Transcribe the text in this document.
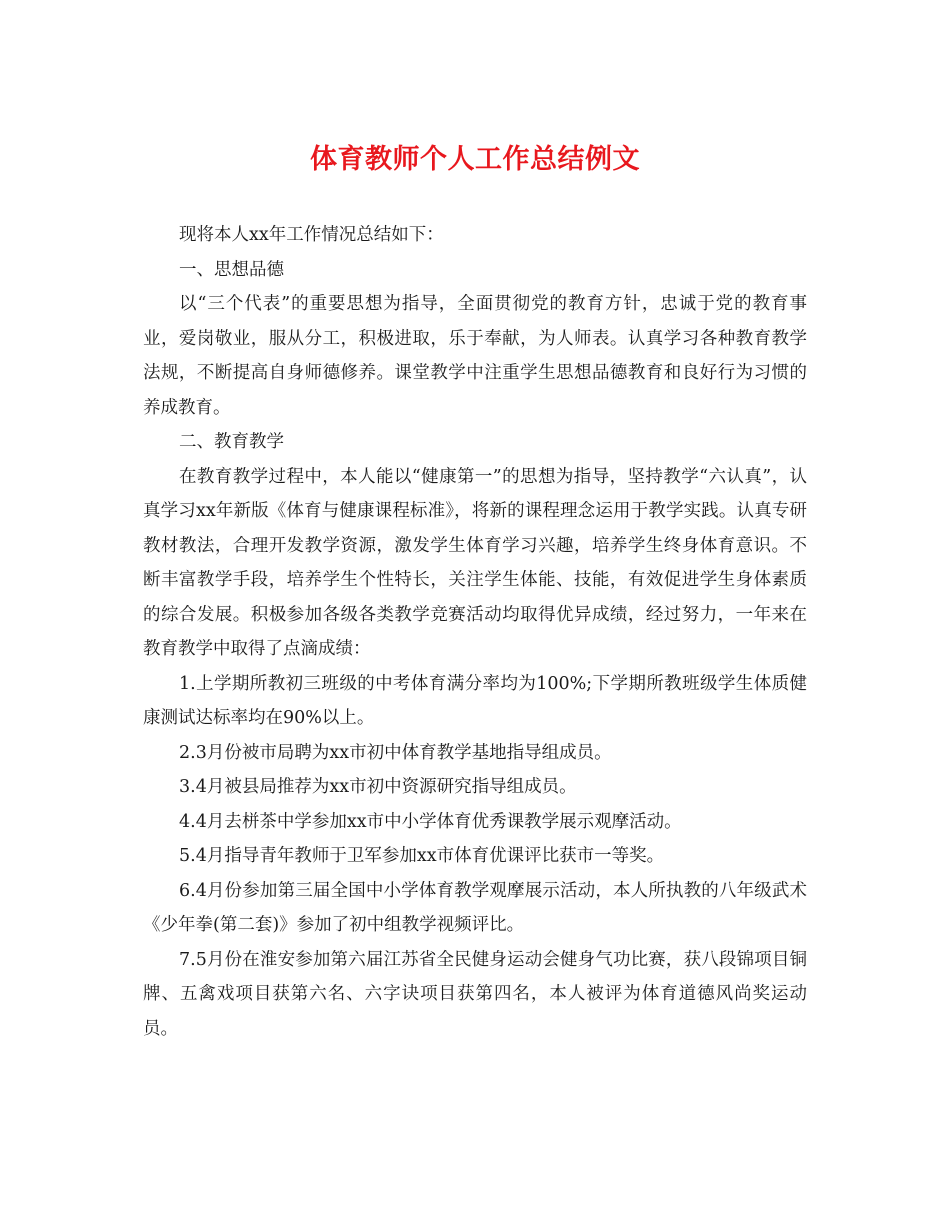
体育教师个人工作总结例文

现将本人xx年工作情况总结如下：

一、思想品德

以“三个代表”的重要思想为指导，全面贯彻党的教育方针，忠诚于党的教育事业，爱岗敬业，服从分工，积极进取，乐于奉献，为人师表。认真学习各种教育教学法规，不断提高自身师德修养。课堂教学中注重学生思想品德教育和良好行为习惯的养成教育。

二、教育教学

在教育教学过程中，本人能以“健康第一”的思想为指导，坚持教学“六认真”，认真学习xx年新版《体育与健康课程标准》，将新的课程理念运用于教学实践。认真专研教材教法，合理开发教学资源，激发学生体育学习兴趣，培养学生终身体育意识。不断丰富教学手段，培养学生个性特长，关注学生体能、技能，有效促进学生身体素质的综合发展。积极参加各级各类教学竞赛活动均取得优异成绩，经过努力，一年来在教育教学中取得了点滴成绩：

1.上学期所教初三班级的中考体育满分率均为100%;下学期所教班级学生体质健康测试达标率均在90%以上。

2.3月份被市局聘为xx市初中体育教学基地指导组成员。

3.4月被县局推荐为xx市初中资源研究指导组成员。

4.4月去栟茶中学参加xx市中小学体育优秀课教学展示观摩活动。

5.4月指导青年教师于卫军参加xx市体育优课评比获市一等奖。

6.4月份参加第三届全国中小学体育教学观摩展示活动，本人所执教的八年级武术《少年拳(第二套)》参加了初中组教学视频评比。

7.5月份在淮安参加第六届江苏省全民健身运动会健身气功比赛，获八段锦项目铜牌、五禽戏项目获第六名、六字诀项目获第四名，本人被评为体育道德风尚奖运动员。
